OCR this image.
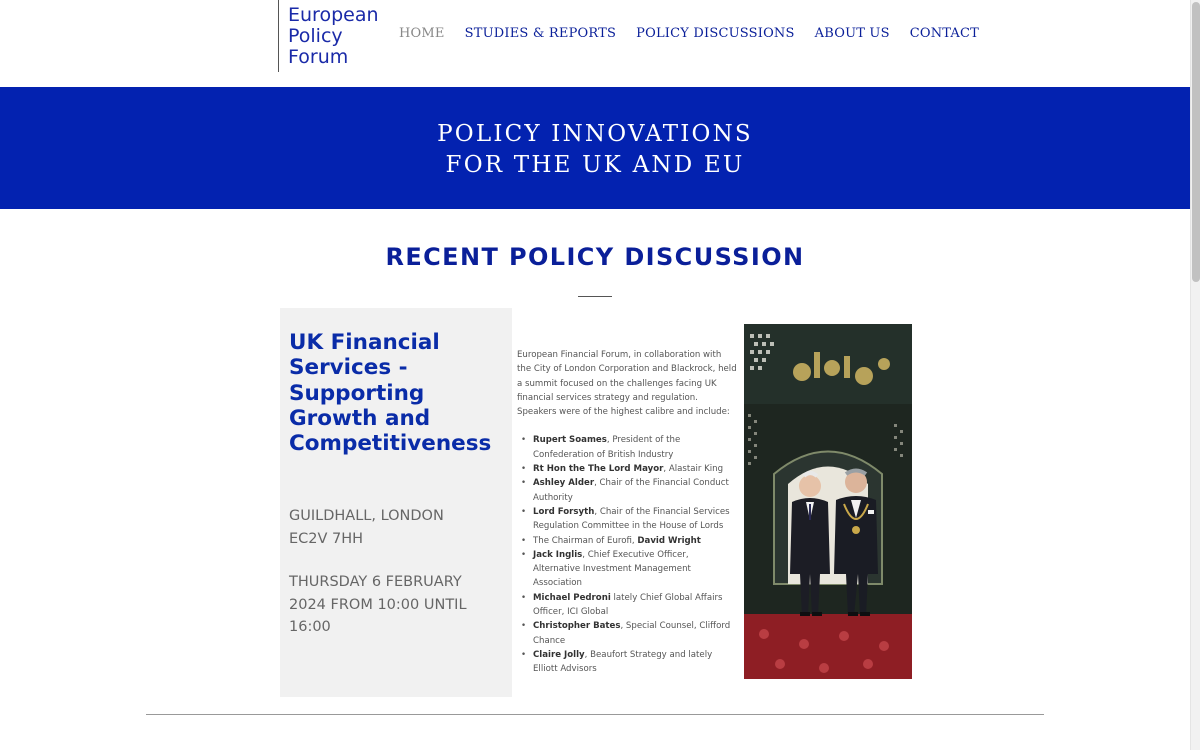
European
Policy
Forum
HOME STUDIES & REPORTS POLICY DISCUSSIONS ABOUT US CONTACT
POLICY INNOVATIONS
FOR THE UK AND EU
RECENT POLICY DISCUSSION
UK Financial Services - Supporting Growth and Competitiveness
GUILDHALL, LONDON
EC2V 7HH
THURSDAY 6 FEBRUARY
2024 FROM 10:00 UNTIL
16:00

European Financial Forum, in collaboration with the City of London Corporation and Blackrock, held a summit focused on the challenges facing UK financial services strategy and regulation. Speakers were of the highest calibre and include:

• Rupert Soames, President of the Confederation of British Industry
• Rt Hon the The Lord Mayor, Alastair King
• Ashley Alder, Chair of the Financial Conduct Authority
• Lord Forsyth, Chair of the Financial Services Regulation Committee in the House of Lords
• The Chairman of Eurofi, David Wright
• Jack Inglis, Chief Executive Officer, Alternative Investment Management Association
• Michael Pedroni lately Chief Global Affairs Officer, ICI Global
• Christopher Bates, Special Counsel, Clifford Chance
• Claire Jolly, Beaufort Strategy and lately Elliott Advisors
